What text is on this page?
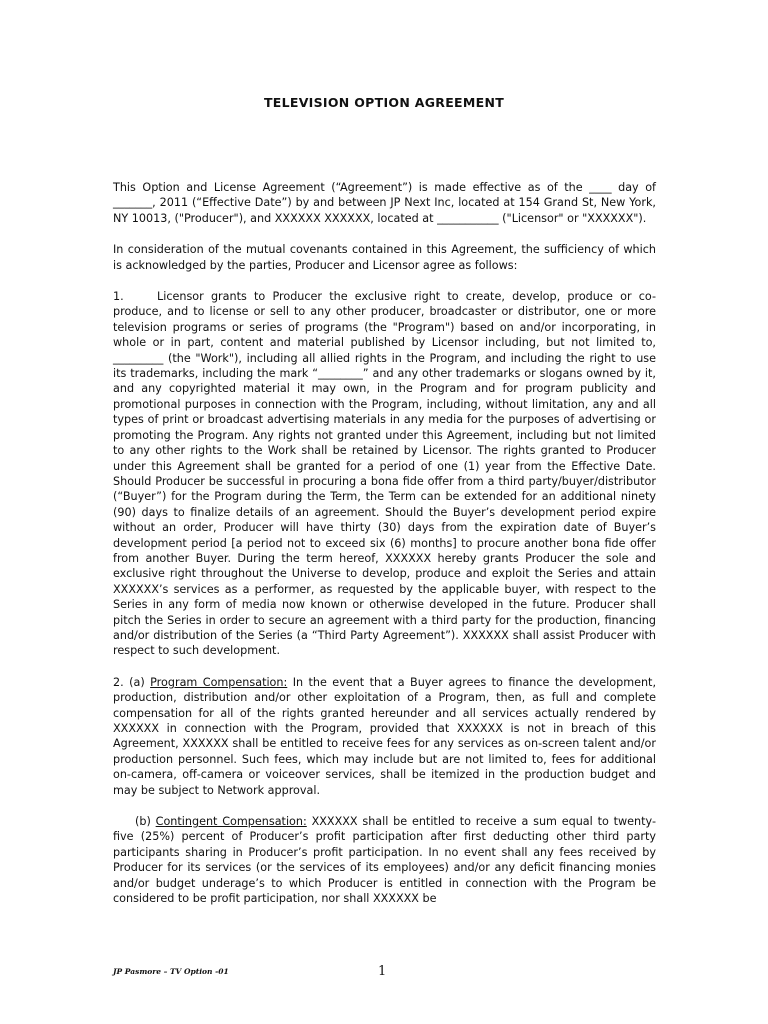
TELEVISION OPTION AGREEMENT

This Option and License Agreement (“Agreement”) is made effective as of the ____ day of _______, 2011 (“Effective Date”) by and between JP Next Inc, located at 154 Grand St, New York, NY 10013, ("Producer"), and XXXXXX XXXXXX, located at ___________ ("Licensor" or "XXXXXX").

In consideration of the mutual covenants contained in this Agreement, the sufficiency of which is acknowledged by the parties, Producer and Licensor agree as follows:

1.	Licensor grants to Producer the exclusive right to create, develop, produce or co-produce, and to license or sell to any other producer, broadcaster or distributor, one or more television programs or series of programs (the "Program") based on and/or incorporating, in whole or in part, content and material published by Licensor including, but not limited to, _________ (the "Work"), including all allied rights in the Program, and including the right to use its trademarks, including the mark “________” and any other trademarks or slogans owned by it, and any copyrighted material it may own, in the Program and for program publicity and promotional purposes in connection with the Program, including, without limitation, any and all types of print or broadcast advertising materials in any media for the purposes of advertising or promoting the Program. Any rights not granted under this Agreement, including but not limited to any other rights to the Work shall be retained by Licensor. The rights granted to Producer under this Agreement shall be granted for a period of one (1) year from the Effective Date. Should Producer be successful in procuring a bona fide offer from a third party/buyer/distributor (“Buyer”) for the Program during the Term, the Term can be extended for an additional ninety (90) days to finalize details of an agreement. Should the Buyer’s development period expire without an order, Producer will have thirty (30) days from the expiration date of Buyer’s development period [a period not to exceed six (6) months] to procure another bona fide offer from another Buyer. During the term hereof, XXXXXX hereby grants Producer the sole and exclusive right throughout the Universe to develop, produce and exploit the Series and attain XXXXXX’s services as a performer, as requested by the applicable buyer, with respect to the Series in any form of media now known or otherwise developed in the future. Producer shall pitch the Series in order to secure an agreement with a third party for the production, financing and/or distribution of the Series (a “Third Party Agreement”). XXXXXX shall assist Producer with respect to such development.

2. (a) Program Compensation: In the event that a Buyer agrees to finance the development, production, distribution and/or other exploitation of a Program, then, as full and complete compensation for all of the rights granted hereunder and all services actually rendered by XXXXXX in connection with the Program, provided that XXXXXX is not in breach of this Agreement, XXXXXX shall be entitled to receive fees for any services as on-screen talent and/or production personnel. Such fees, which may include but are not limited to, fees for additional on-camera, off-camera or voiceover services, shall be itemized in the production budget and may be subject to Network approval.

(b) Contingent Compensation: XXXXXX shall be entitled to receive a sum equal to twenty-five (25%) percent of Producer’s profit participation after first deducting other third party participants sharing in Producer’s profit participation. In no event shall any fees received by Producer for its services (or the services of its employees) and/or any deficit financing monies and/or budget underage’s to which Producer is entitled in connection with the Program be considered to be profit participation, nor shall XXXXXX be

JP Pasmore – TV Option -01	1
